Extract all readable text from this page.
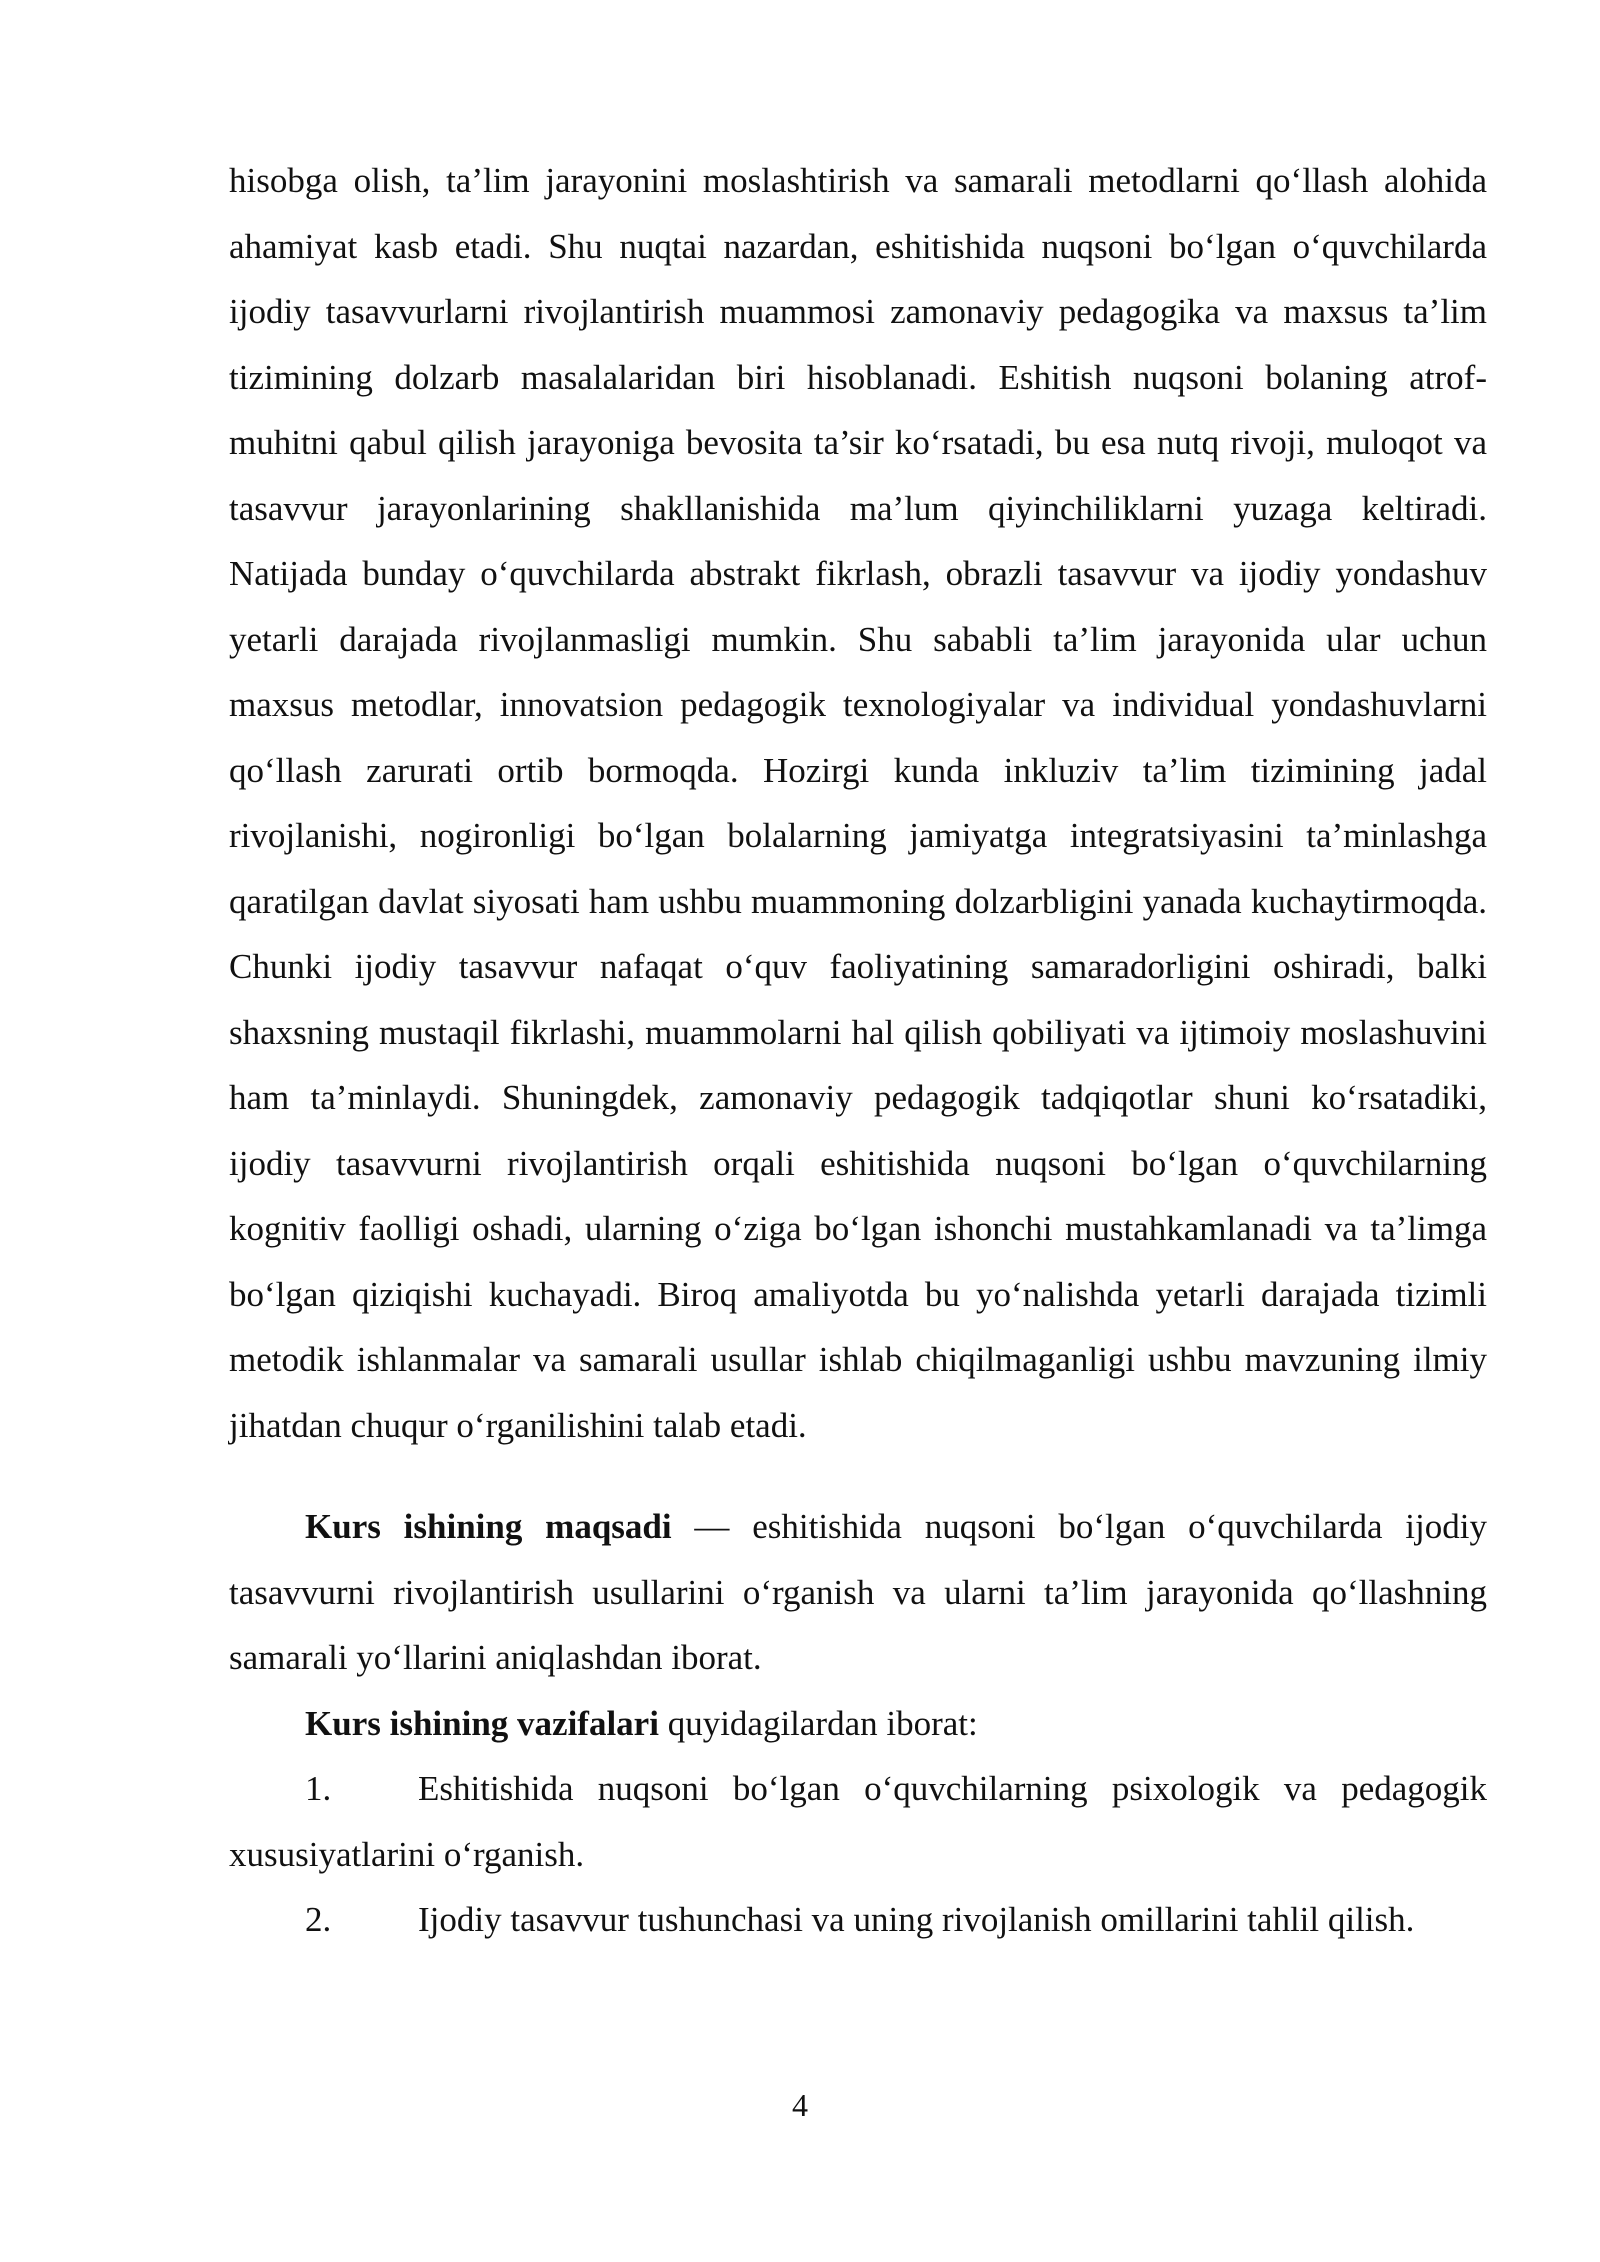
hisobga olish, ta’lim jarayonini moslashtirish va samarali metodlarni qo‘llash alohida ahamiyat kasb etadi. Shu nuqtai nazardan, eshitishida nuqsoni bo‘lgan o‘quvchilarda ijodiy tasavvurlarni rivojlantirish muammosi zamonaviy pedagogika va maxsus ta’lim tizimining dolzarb masalalaridan biri hisoblanadi. Eshitish nuqsoni bolaning atrof-muhitni qabul qilish jarayoniga bevosita ta’sir ko‘rsatadi, bu esa nutq rivoji, muloqot va tasavvur jarayonlarining shakllanishida ma’lum qiyinchiliklarni yuzaga keltiradi. Natijada bunday o‘quvchilarda abstrakt fikrlash, obrazli tasavvur va ijodiy yondashuv yetarli darajada rivojlanmasligi mumkin. Shu sababli ta’lim jarayonida ular uchun maxsus metodlar, innovatsion pedagogik texnologiyalar va individual yondashuvlarni qo‘llash zarurati ortib bormoqda. Hozirgi kunda inkluziv ta’lim tizimining jadal rivojlanishi, nogironligi bo‘lgan bolalarning jamiyatga integratsiyasini ta’minlashga qaratilgan davlat siyosati ham ushbu muammoning dolzarbligini yanada kuchaytirmoqda. Chunki ijodiy tasavvur nafaqat o‘quv faoliyatining samaradorligini oshiradi, balki shaxsning mustaqil fikrlashi, muammolarni hal qilish qobiliyati va ijtimoiy moslashuvini ham ta’minlaydi. Shuningdek, zamonaviy pedagogik tadqiqotlar shuni ko‘rsatadiki, ijodiy tasavvurni rivojlantirish orqali eshitishida nuqsoni bo‘lgan o‘quvchilarning kognitiv faolligi oshadi, ularning o‘ziga bo‘lgan ishonchi mustahkamlanadi va ta’limga bo‘lgan qiziqishi kuchayadi. Biroq amaliyotda bu yo‘nalishda yetarli darajada tizimli metodik ishlanmalar va samarali usullar ishlab chiqilmaganligi ushbu mavzuning ilmiy jihatdan chuqur o‘rganilishini talab etadi.

Kurs ishining maqsadi — eshitishida nuqsoni bo‘lgan o‘quvchilarda ijodiy tasavvurni rivojlantirish usullarini o‘rganish va ularni ta’lim jarayonida qo‘llashning samarali yo‘llarini aniqlashdan iborat.

Kurs ishining vazifalari quyidagilardan iborat:

1. Eshitishida nuqsoni bo‘lgan o‘quvchilarning psixologik va pedagogik xususiyatlarini o‘rganish.

2. Ijodiy tasavvur tushunchasi va uning rivojlanish omillarini tahlil qilish.

4
